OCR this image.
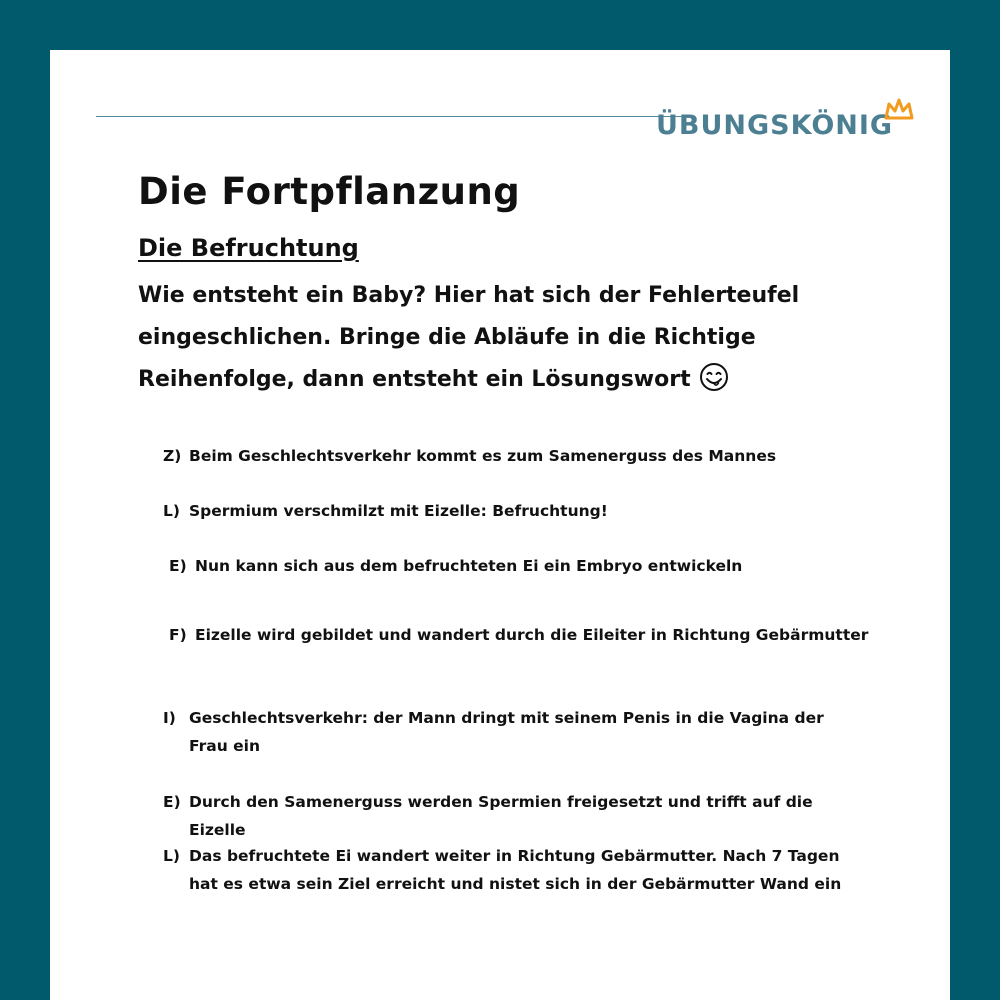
ÜBUNGSKÖNIG
Die Fortpflanzung
Die Befruchtung

Wie entsteht ein Baby? Hier hat sich der Fehlerteufel eingeschlichen. Bringe die Abläufe in die Richtige Reihenfolge, dann entsteht ein Lösungswort

Z) Beim Geschlechtsverkehr kommt es zum Samenerguss des Mannes
L) Spermium verschmilzt mit Eizelle: Befruchtung!
E) Nun kann sich aus dem befruchteten Ei ein Embryo entwickeln
F) Eizelle wird gebildet und wandert durch die Eileiter in Richtung Gebärmutter
I) Geschlechtsverkehr: der Mann dringt mit seinem Penis in die Vagina der Frau ein
E) Durch den Samenerguss werden Spermien freigesetzt und trifft auf die Eizelle
L) Das befruchtete Ei wandert weiter in Richtung Gebärmutter. Nach 7 Tagen hat es etwa sein Ziel erreicht und nistet sich in der Gebärmutter Wand ein
